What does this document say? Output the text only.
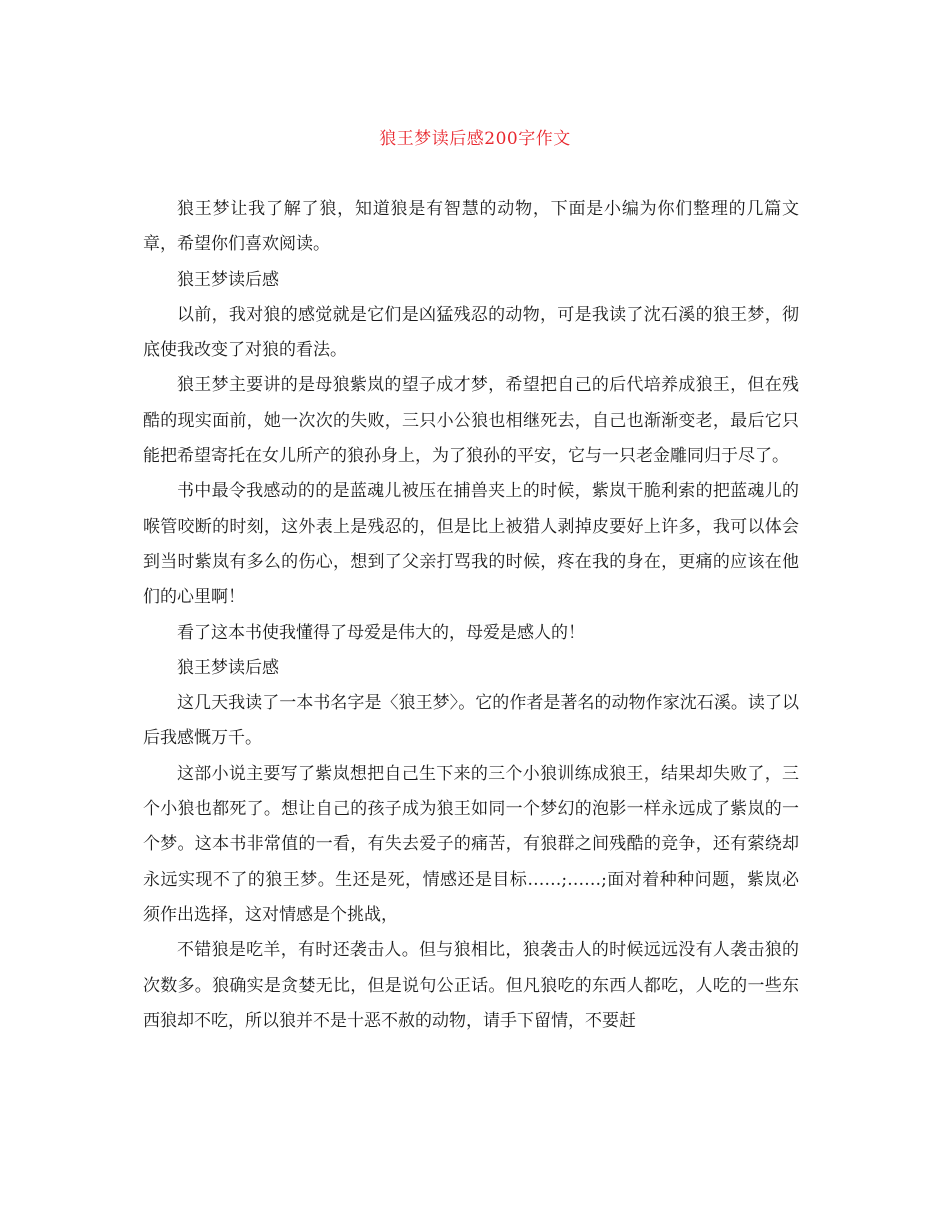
狼王梦读后感200字作文

狼王梦让我了解了狼，知道狼是有智慧的动物，下面是小编为你们整理的几篇文章，希望你们喜欢阅读。

狼王梦读后感

以前，我对狼的感觉就是它们是凶猛残忍的动物，可是我读了沈石溪的狼王梦，彻底使我改变了对狼的看法。

狼王梦主要讲的是母狼紫岚的望子成才梦，希望把自己的后代培养成狼王，但在残酷的现实面前，她一次次的失败，三只小公狼也相继死去，自己也渐渐变老，最后它只能把希望寄托在女儿所产的狼孙身上，为了狼孙的平安，它与一只老金雕同归于尽了。

书中最令我感动的的是蓝魂儿被压在捕兽夹上的时候，紫岚干脆利索的把蓝魂儿的喉管咬断的时刻，这外表上是残忍的，但是比上被猎人剥掉皮要好上许多，我可以体会到当时紫岚有多么的伤心，想到了父亲打骂我的时候，疼在我的身在，更痛的应该在他们的心里啊！

看了这本书使我懂得了母爱是伟大的，母爱是感人的！

狼王梦读后感

这几天我读了一本书名字是〈狼王梦〉。它的作者是著名的动物作家沈石溪。读了以后我感慨万千。

这部小说主要写了紫岚想把自己生下来的三个小狼训练成狼王，结果却失败了，三个小狼也都死了。想让自己的孩子成为狼王如同一个梦幻的泡影一样永远成了紫岚的一个梦。这本书非常值的一看，有失去爱子的痛苦，有狼群之间残酷的竞争，还有萦绕却永远实现不了的狼王梦。生还是死，情感还是目标……;……;面对着种种问题，紫岚必须作出选择，这对情感是个挑战，

不错狼是吃羊，有时还袭击人。但与狼相比，狼袭击人的时候远远没有人袭击狼的次数多。狼确实是贪婪无比，但是说句公正话。但凡狼吃的东西人都吃，人吃的一些东西狼却不吃，所以狼并不是十恶不赦的动物，请手下留情，不要赶
